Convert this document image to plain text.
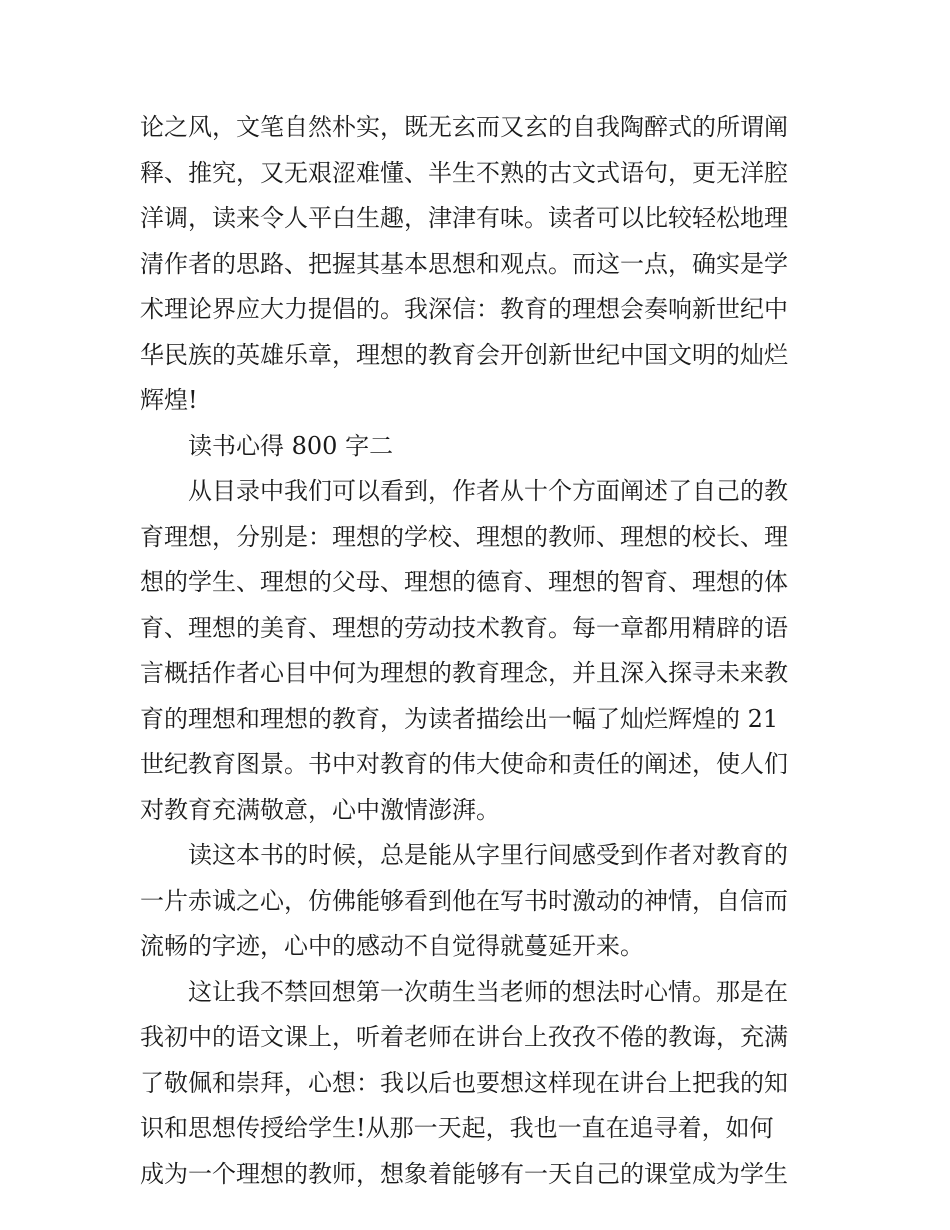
论之风，文笔自然朴实，既无玄而又玄的自我陶醉式的所谓阐
释、推究，又无艰涩难懂、半生不熟的古文式语句，更无洋腔
洋调，读来令人平白生趣，津津有味。读者可以比较轻松地理
清作者的思路、把握其基本思想和观点。而这一点，确实是学
术理论界应大力提倡的。我深信：教育的理想会奏响新世纪中
华民族的英雄乐章，理想的教育会开创新世纪中国文明的灿烂
辉煌!
读书心得 800 字二
从目录中我们可以看到，作者从十个方面阐述了自己的教
育理想，分别是：理想的学校、理想的教师、理想的校长、理
想的学生、理想的父母、理想的德育、理想的智育、理想的体
育、理想的美育、理想的劳动技术教育。每一章都用精辟的语
言概括作者心目中何为理想的教育理念，并且深入探寻未来教
育的理想和理想的教育，为读者描绘出一幅了灿烂辉煌的 21
世纪教育图景。书中对教育的伟大使命和责任的阐述，使人们
对教育充满敬意，心中激情澎湃。
读这本书的时候，总是能从字里行间感受到作者对教育的
一片赤诚之心，仿佛能够看到他在写书时激动的神情，自信而
流畅的字迹，心中的感动不自觉得就蔓延开来。
这让我不禁回想第一次萌生当老师的想法时心情。那是在
我初中的语文课上，听着老师在讲台上孜孜不倦的教诲，充满
了敬佩和崇拜，心想：我以后也要想这样现在讲台上把我的知
识和思想传授给学生!从那一天起，我也一直在追寻着，如何
成为一个理想的教师，想象着能够有一天自己的课堂成为学生
